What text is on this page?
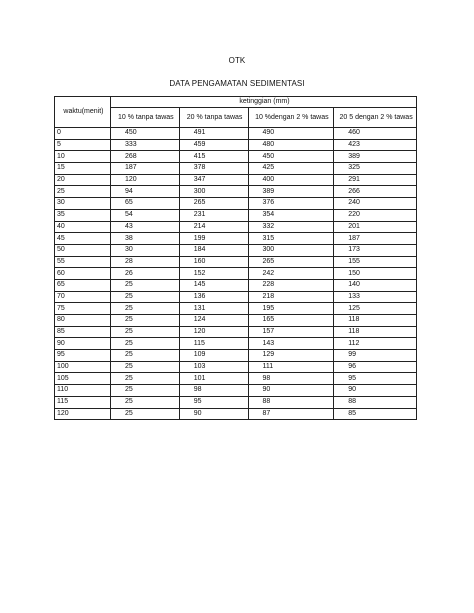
OTK
DATA PENGAMATAN SEDIMENTASI
waktu(menit)	ketinggian (mm)			
	10 % tanpa tawas	20 % tanpa tawas	10 %dengan 2 % tawas	20 5 dengan 2 % tawas
0	450	491	490	460
5	333	459	480	423
10	268	415	450	389
15	187	378	425	325
20	120	347	400	291
25	94	300	389	266
30	65	265	376	240
35	54	231	354	220
40	43	214	332	201
45	38	199	315	187
50	30	184	300	173
55	28	160	265	155
60	26	152	242	150
65	25	145	228	140
70	25	136	218	133
75	25	131	195	125
80	25	124	165	118
85	25	120	157	118
90	25	115	143	112
95	25	109	129	99
100	25	103	111	96
105	25	101	98	95
110	25	98	90	90
115	25	95	88	88
120	25	90	87	85
